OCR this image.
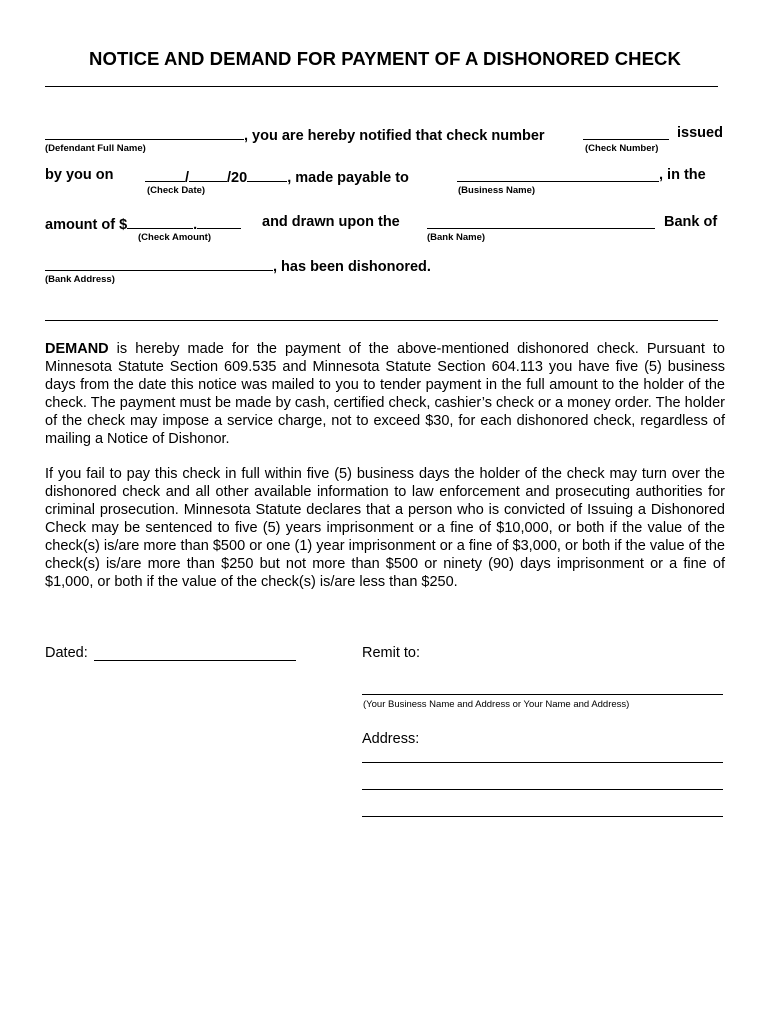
NOTICE AND DEMAND FOR PAYMENT OF A DISHONORED CHECK
, you are hereby notified that check number	issued
(Defendant Full Name)	(Check Number)
by you on	/	/20	, made payable to	, in the
(Check Date)	(Business Name)
amount of $	.	and drawn upon the	Bank of
(Check Amount)	(Bank Name)
, has been dishonored.
(Bank Address)
DEMAND is hereby made for the payment of the above-mentioned dishonored check. Pursuant to Minnesota Statute Section 609.535 and Minnesota Statute Section 604.113 you have five (5) business days from the date this notice was mailed to you to tender payment in the full amount to the holder of the check. The payment must be made by cash, certified check, cashier’s check or a money order. The holder of the check may impose a service charge, not to exceed $30, for each dishonored check, regardless of mailing a Notice of Dishonor.
If you fail to pay this check in full within five (5) business days the holder of the check may turn over the dishonored check and all other available information to law enforcement and prosecuting authorities for criminal prosecution. Minnesota Statute declares that a person who is convicted of Issuing a Dishonored Check may be sentenced to five (5) years imprisonment or a fine of $10,000, or both if the value of the check(s) is/are more than $500 or one (1) year imprisonment or a fine of $3,000, or both if the value of the check(s) is/are more than $250 but not more than $500 or ninety (90) days imprisonment or a fine of $1,000, or both if the value of the check(s) is/are less than $250.
Dated:	Remit to:
(Your Business Name and Address or Your Name and Address)
Address:
